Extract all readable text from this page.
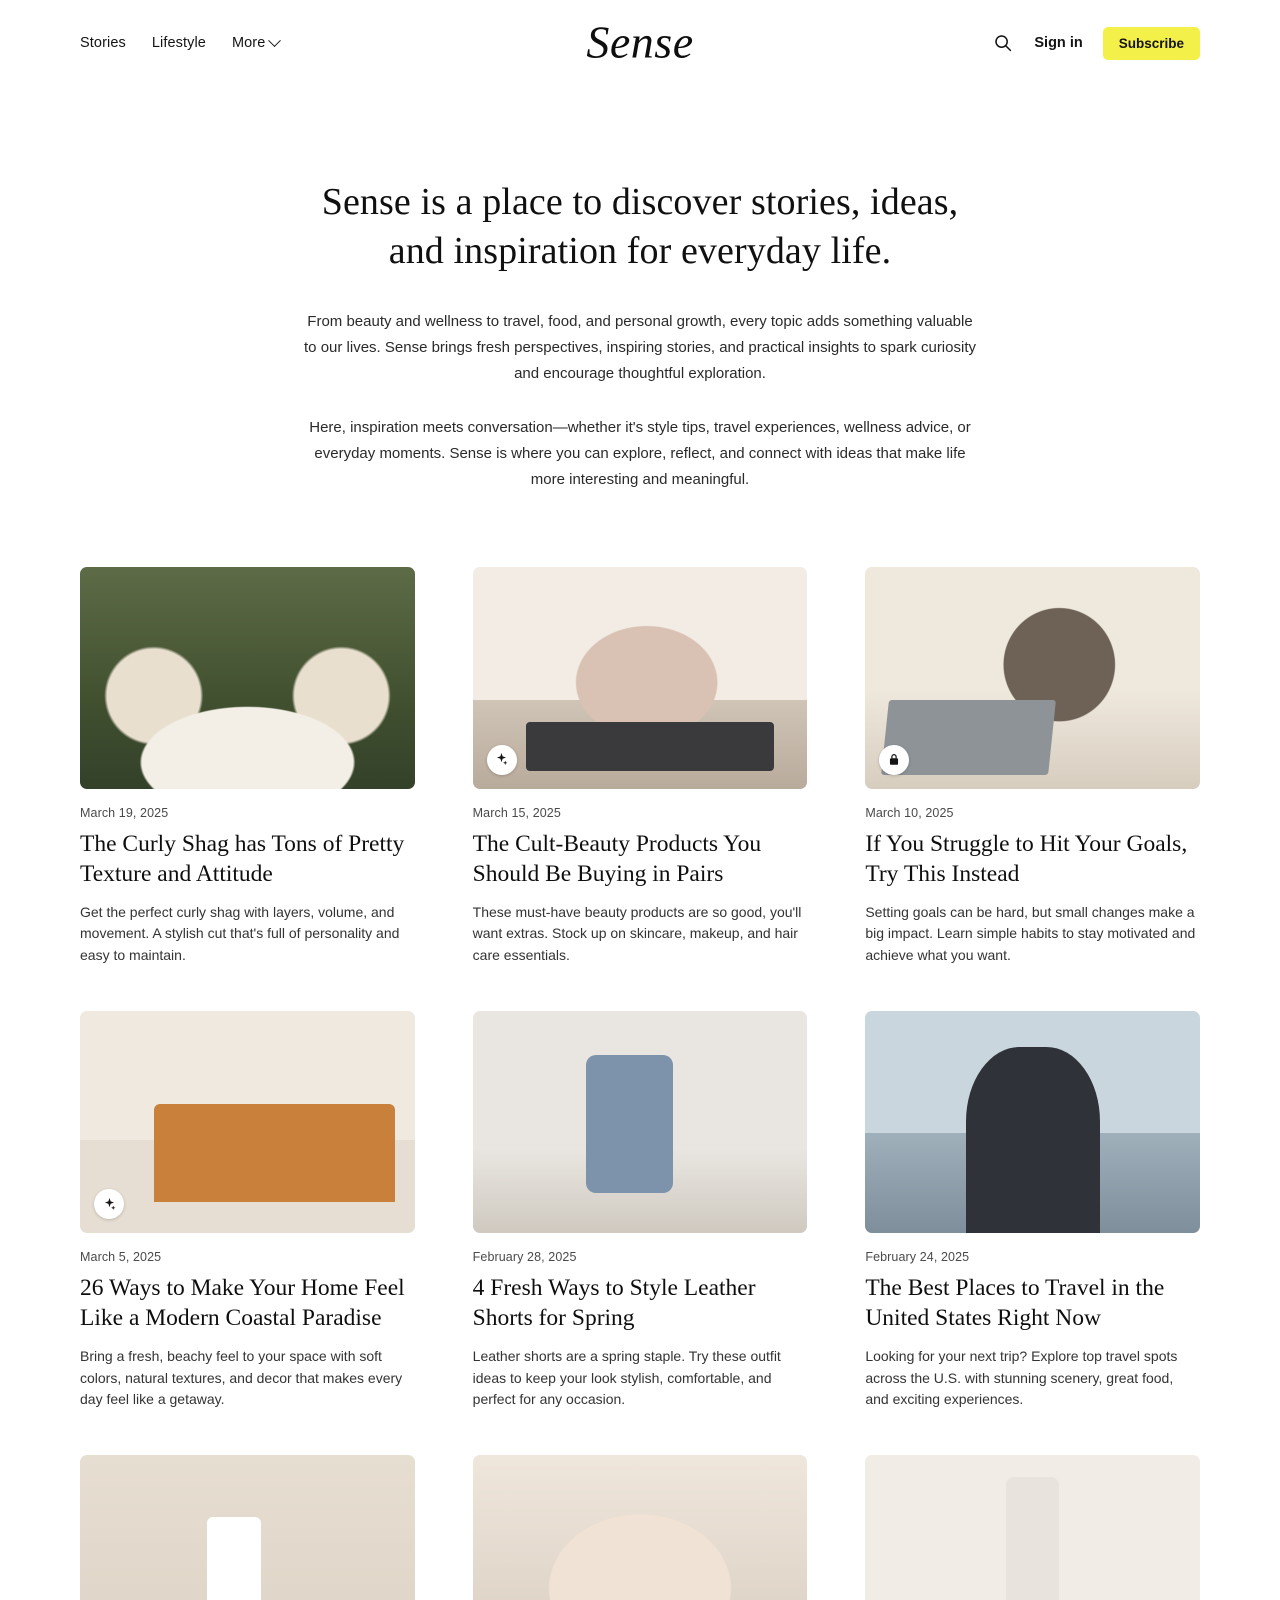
Stories Lifestyle More	Sense	Sign in	Subscribe
Sense is a place to discover stories, ideas, and inspiration for everyday life.

From beauty and wellness to travel, food, and personal growth, every topic adds something valuable to our lives. Sense brings fresh perspectives, inspiring stories, and practical insights to spark curiosity and encourage thoughtful exploration.

Here, inspiration meets conversation—whether it's style tips, travel experiences, wellness advice, or everyday moments. Sense is where you can explore, reflect, and connect with ideas that make life more interesting and meaningful.

March 19, 2025
The Curly Shag has Tons of Pretty Texture and Attitude
Get the perfect curly shag with layers, volume, and movement. A stylish cut that's full of personality and easy to maintain.
March 15, 2025
The Cult-Beauty Products You Should Be Buying in Pairs
These must-have beauty products are so good, you'll want extras. Stock up on skincare, makeup, and hair care essentials.
March 10, 2025
If You Struggle to Hit Your Goals, Try This Instead
Setting goals can be hard, but small changes make a big impact. Learn simple habits to stay motivated and achieve what you want.
March 5, 2025
26 Ways to Make Your Home Feel Like a Modern Coastal Paradise
Bring a fresh, beachy feel to your space with soft colors, natural textures, and decor that makes every day feel like a getaway.
February 28, 2025
4 Fresh Ways to Style Leather Shorts for Spring
Leather shorts are a spring staple. Try these outfit ideas to keep your look stylish, comfortable, and perfect for any occasion.
February 24, 2025
The Best Places to Travel in the United States Right Now
Looking for your next trip? Explore top travel spots across the U.S. with stunning scenery, great food, and exciting experiences.
